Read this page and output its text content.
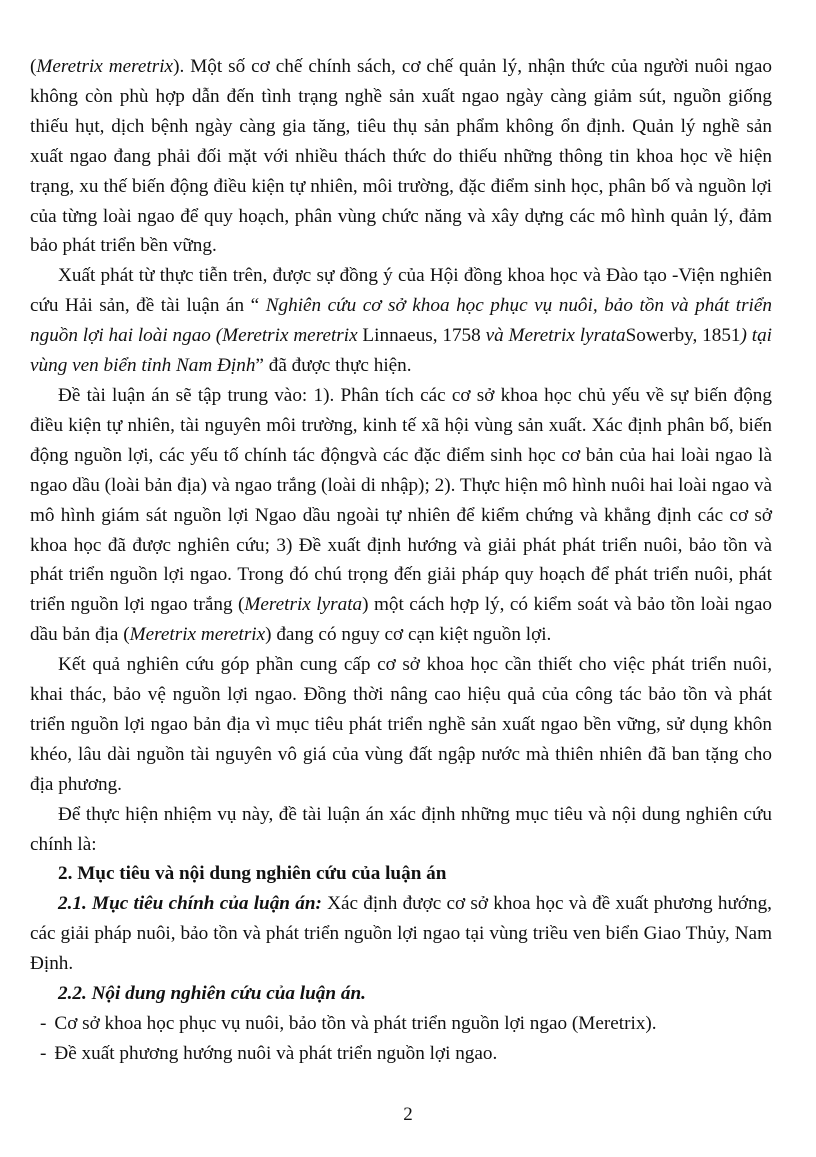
(Meretrix meretrix). Một số cơ chế chính sách, cơ chế quản lý, nhận thức của người nuôi ngao không còn phù hợp dẫn đến tình trạng nghề sản xuất ngao ngày càng giảm sút, nguồn giống thiếu hụt, dịch bệnh ngày càng gia tăng, tiêu thụ sản phẩm không ổn định. Quản lý nghề sản xuất ngao đang phải đối mặt với nhiều thách thức do thiếu những thông tin khoa học về hiện trạng, xu thế biến động điều kiện tự nhiên, môi trường, đặc điểm sinh học, phân bố và nguồn lợi của từng loài ngao để quy hoạch, phân vùng chức năng và xây dựng các mô hình quản lý, đảm bảo phát triển bền vững.

Xuất phát từ thực tiễn trên, được sự đồng ý của Hội đồng khoa học và Đào tạo -Viện nghiên cứu Hải sản, đề tài luận án “ Nghiên cứu cơ sở khoa học phục vụ nuôi, bảo tồn và phát triển nguồn lợi hai loài ngao (Meretrix meretrix Linnaeus, 1758 và Meretrix lyrataSowerby, 1851) tại vùng ven biển tỉnh Nam Định” đã được thực hiện.

Đề tài luận án sẽ tập trung vào: 1). Phân tích các cơ sở khoa học chủ yếu về sự biến động điều kiện tự nhiên, tài nguyên môi trường, kinh tế xã hội vùng sản xuất. Xác định phân bố, biến động nguồn lợi, các yếu tố chính tác độngvà các đặc điểm sinh học cơ bản của hai loài ngao là ngao dầu (loài bản địa) và ngao trắng (loài di nhập); 2). Thực hiện mô hình nuôi hai loài ngao và mô hình giám sát nguồn lợi Ngao dầu ngoài tự nhiên để kiểm chứng và khẳng định các cơ sở khoa học đã được nghiên cứu; 3) Đề xuất định hướng và giải phát phát triển nuôi, bảo tồn và phát triển nguồn lợi ngao. Trong đó chú trọng đến giải pháp quy hoạch để phát triển nuôi, phát triển nguồn lợi ngao trắng (Meretrix lyrata) một cách hợp lý, có kiểm soát và bảo tồn loài ngao dầu bản địa (Meretrix meretrix) đang có nguy cơ cạn kiệt nguồn lợi.

Kết quả nghiên cứu góp phần cung cấp cơ sở khoa học cần thiết cho việc phát triển nuôi, khai thác, bảo vệ nguồn lợi ngao. Đồng thời nâng cao hiệu quả của công tác bảo tồn và phát triển nguồn lợi ngao bản địa vì mục tiêu phát triển nghề sản xuất ngao bền vững, sử dụng khôn khéo, lâu dài nguồn tài nguyên vô giá của vùng đất ngập nước mà thiên nhiên đã ban tặng cho địa phương.

Để thực hiện nhiệm vụ này, đề tài luận án xác định những mục tiêu và nội dung nghiên cứu chính là:

2. Mục tiêu và nội dung nghiên cứu của luận án

2.1. Mục tiêu chính của luận án: Xác định được cơ sở khoa học và đề xuất phương hướng, các giải pháp nuôi, bảo tồn và phát triển nguồn lợi ngao tại vùng triều ven biển Giao Thủy, Nam Định.

2.2. Nội dung nghiên cứu của luận án.

- Cơ sở khoa học phục vụ nuôi, bảo tồn và phát triển nguồn lợi ngao (Meretrix).

- Đề xuất phương hướng nuôi và phát triển nguồn lợi ngao.

2
